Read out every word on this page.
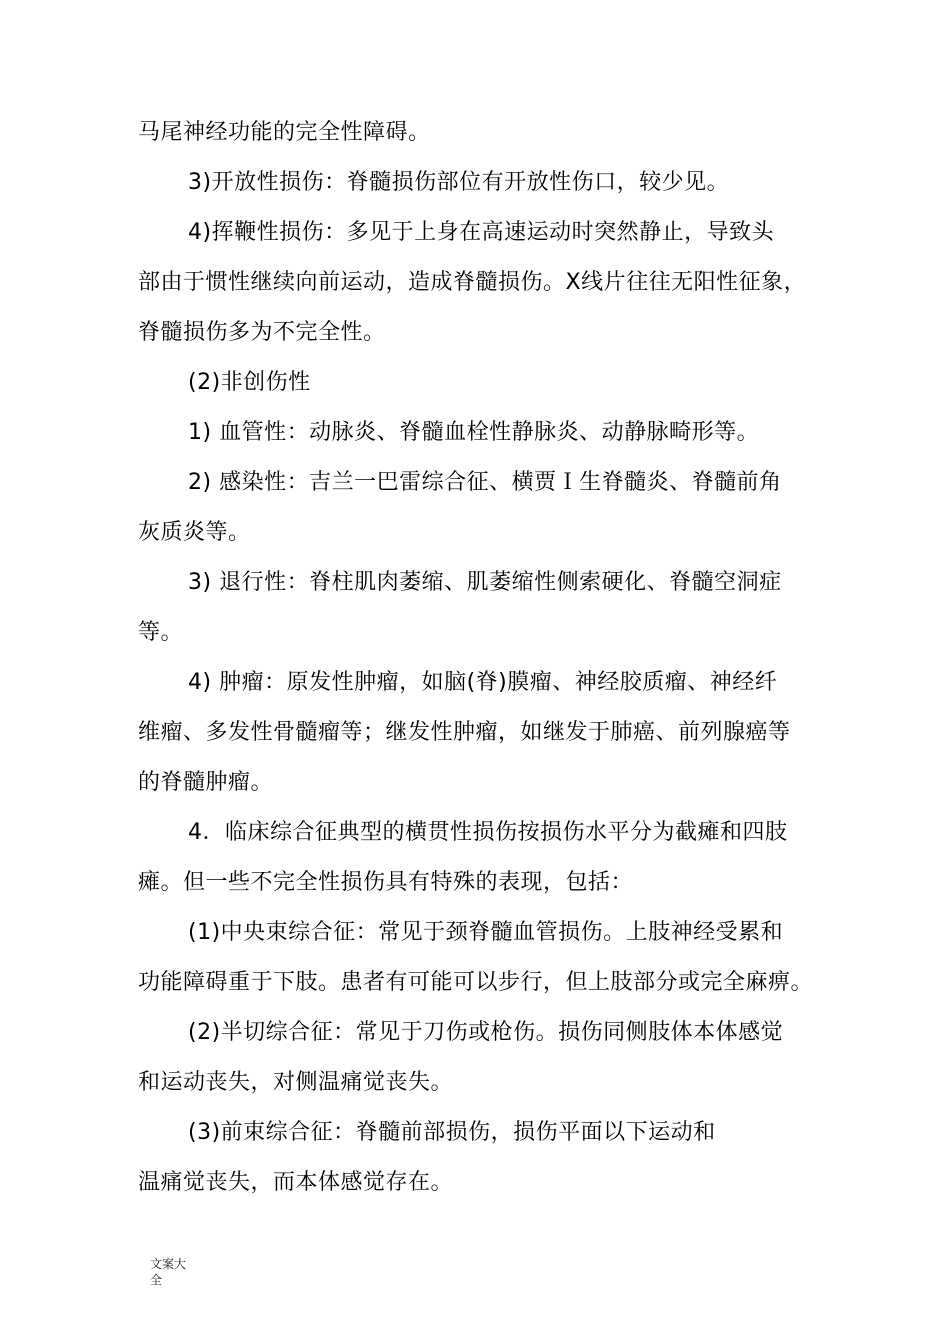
马尾神经功能的完全性障碍。
3)开放性损伤：脊髓损伤部位有开放性伤口，较少见。
4)挥鞭性损伤：多见于上身在高速运动时突然静止，导致头
部由于惯性继续向前运动，造成脊髓损伤。X线片往往无阳性征象，
脊髓损伤多为不完全性。
(2)非创伤性
1) 血管性：动脉炎、脊髓血栓性静脉炎、动静脉畸形等。
2) 感染性：吉兰一巴雷综合征、横贾Ｉ生脊髓炎、脊髓前角
灰质炎等。
3) 退行性：脊柱肌肉萎缩、肌萎缩性侧索硬化、脊髓空洞症
等。
4) 肿瘤：原发性肿瘤，如脑(脊)膜瘤、神经胶质瘤、神经纤
维瘤、多发性骨髓瘤等；继发性肿瘤，如继发于肺癌、前列腺癌等
的脊髓肿瘤。
4．临床综合征典型的横贯性损伤按损伤水平分为截瘫和四肢
瘫。但一些不完全性损伤具有特殊的表现，包括：
(1)中央束综合征：常见于颈脊髓血管损伤。上肢神经受累和
功能障碍重于下肢。患者有可能可以步行，但上肢部分或完全麻痹。
(2)半切综合征：常见于刀伤或枪伤。损伤同侧肢体本体感觉
和运动丧失，对侧温痛觉丧失。
(3)前束综合征：脊髓前部损伤，损伤平面以下运动和
温痛觉丧失，而本体感觉存在。
文案大
全
